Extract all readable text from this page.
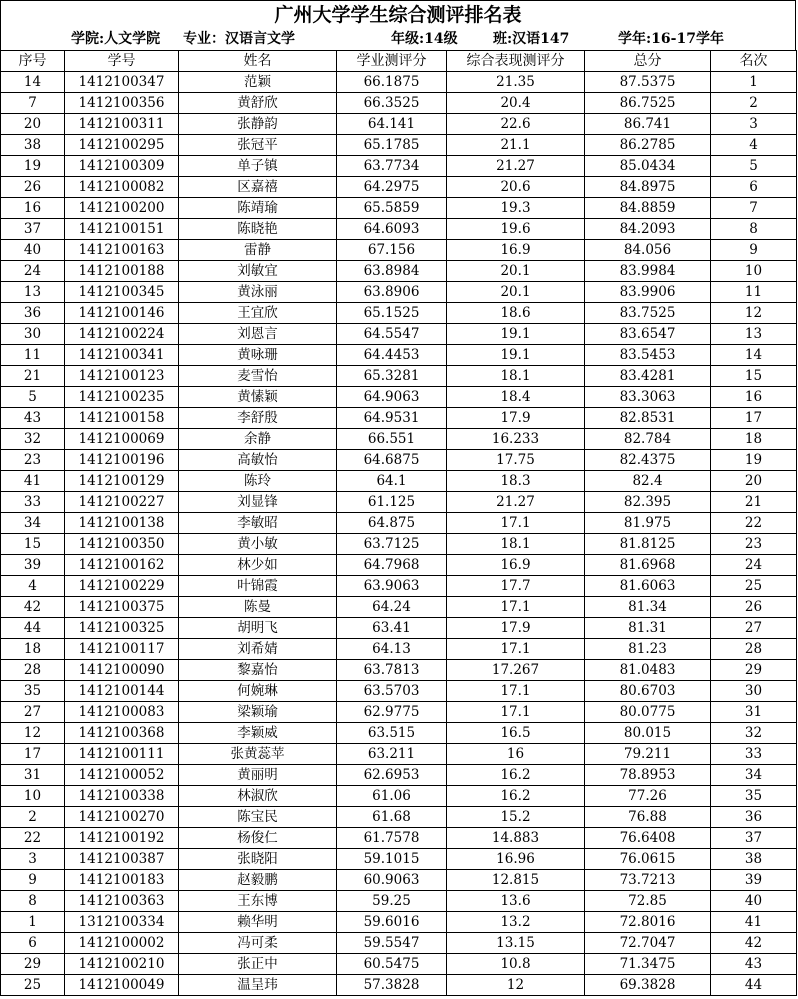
广州大学学生综合测评排名表
学院:人文学院 专业：汉语言文学	年级:14级	班:汉语147	学年:16-17学年
序号	学号	姓名	学业测评分	综合表现测评分	总分	名次
14	1412100347	范颖	66.1875	21.35	87.5375	1
7	1412100356	黄舒欣	66.3525	20.4	86.7525	2
20	1412100311	张静韵	64.141	22.6	86.741	3
38	1412100295	张冠平	65.1785	21.1	86.2785	4
19	1412100309	单子镇	63.7734	21.27	85.0434	5
26	1412100082	区嘉禧	64.2975	20.6	84.8975	6
16	1412100200	陈靖瑜	65.5859	19.3	84.8859	7
37	1412100151	陈晓艳	64.6093	19.6	84.2093	8
40	1412100163	雷静	67.156	16.9	84.056	9
24	1412100188	刘敏宜	63.8984	20.1	83.9984	10
13	1412100345	黄泳丽	63.8906	20.1	83.9906	11
36	1412100146	王宜欣	65.1525	18.6	83.7525	12
30	1412100224	刘恩言	64.5547	19.1	83.6547	13
11	1412100341	黄咏珊	64.4453	19.1	83.5453	14
21	1412100123	麦雪怡	65.3281	18.1	83.4281	15
5	1412100235	黄愫颖	64.9063	18.4	83.3063	16
43	1412100158	李舒殷	64.9531	17.9	82.8531	17
32	1412100069	余静	66.551	16.233	82.784	18
23	1412100196	高敏怡	64.6875	17.75	82.4375	19
41	1412100129	陈玲	64.1	18.3	82.4	20
33	1412100227	刘显锋	61.125	21.27	82.395	21
34	1412100138	李敏昭	64.875	17.1	81.975	22
15	1412100350	黄小敏	63.7125	18.1	81.8125	23
39	1412100162	林少如	64.7968	16.9	81.6968	24
4	1412100229	叶锦霞	63.9063	17.7	81.6063	25
42	1412100375	陈曼	64.24	17.1	81.34	26
44	1412100325	胡明飞	63.41	17.9	81.31	27
18	1412100117	刘希婧	64.13	17.1	81.23	28
28	1412100090	黎嘉怡	63.7813	17.267	81.0483	29
35	1412100144	何婉琳	63.5703	17.1	80.6703	30
27	1412100083	梁颖瑜	62.9775	17.1	80.0775	31
12	1412100368	李颖威	63.515	16.5	80.015	32
17	1412100111	张黄蕊苹	63.211	16	79.211	33
31	1412100052	黄丽明	62.6953	16.2	78.8953	34
10	1412100338	林淑欣	61.06	16.2	77.26	35
2	1412100270	陈宝民	61.68	15.2	76.88	36
22	1412100192	杨俊仁	61.7578	14.883	76.6408	37
3	1412100387	张晓阳	59.1015	16.96	76.0615	38
9	1412100183	赵毅鹏	60.9063	12.815	73.7213	39
8	1412100363	王东博	59.25	13.6	72.85	40
1	1312100334	赖华明	59.6016	13.2	72.8016	41
6	1412100002	冯可柔	59.5547	13.15	72.7047	42
29	1412100210	张正中	60.5475	10.8	71.3475	43
25	1412100049	温呈玮	57.3828	12	69.3828	44
